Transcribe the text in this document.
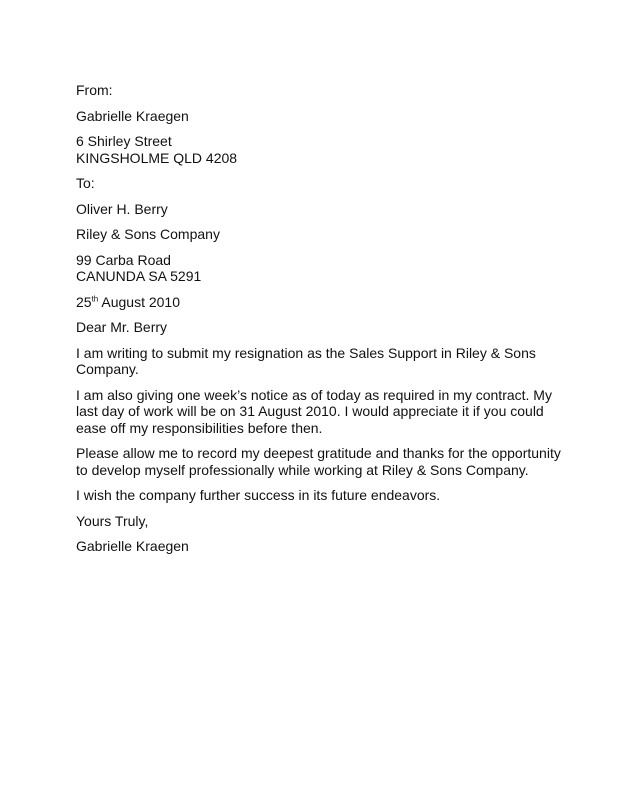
From:

Gabrielle Kraegen

6 Shirley Street
KINGSHOLME QLD 4208

To:

Oliver H. Berry

Riley & Sons Company

99 Carba Road
CANUNDA SA 5291

25th August 2010

Dear Mr. Berry

I am writing to submit my resignation as the Sales Support in Riley & Sons Company.

I am also giving one week’s notice as of today as required in my contract. My last day of work will be on 31 August 2010. I would appreciate it if you could ease off my responsibilities before then.

Please allow me to record my deepest gratitude and thanks for the opportunity to develop myself professionally while working at Riley & Sons Company.

I wish the company further success in its future endeavors.

Yours Truly,

Gabrielle Kraegen
